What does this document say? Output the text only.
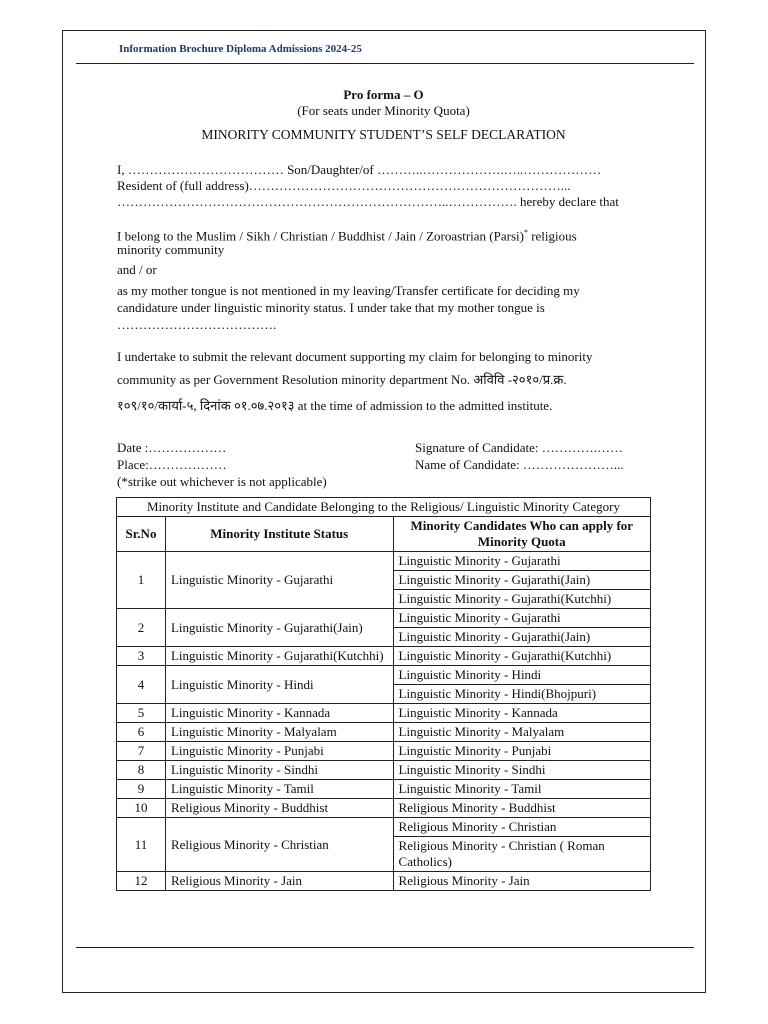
Information Brochure Diploma Admissions 2024-25
Pro forma – O
(For seats under Minority Quota)
MINORITY COMMUNITY STUDENT’S SELF DECLARATION
I, ……………………………… Son/Daughter/of ………..……………….…..………………
Resident of (full address)………………………………………………………………...
…………………………………………………………………..……………. hereby declare that
I belong to the Muslim / Sikh / Christian / Buddhist / Jain / Zoroastrian (Parsi)* religious
minority community
and / or
as my mother tongue is not mentioned in my leaving/Transfer certificate for deciding my
candidature under linguistic minority status. I under take that my mother tongue is
……………………………….
I undertake to submit the relevant document supporting my claim for belonging to minority
community as per Government Resolution minority department No. अविवि -२०१०/प्र.क्र.
१०९/१०/कार्या-५, दिनांक ०१.०७.२०१३ at the time of admission to the admitted institute.
Date :………………
Place:………………
(*strike out whichever is not applicable)
Signature of Candidate: ………….……
Name of Candidate: …………………...
Minority Institute and Candidate Belonging to the Religious/ Linguistic Minority Category		
Sr.No	Minority Institute Status	Minority Candidates Who can apply for Minority Quota
1	Linguistic Minority - Gujarathi	Linguistic Minority - Gujarathi
		Linguistic Minority - Gujarathi(Jain)
		Linguistic Minority - Gujarathi(Kutchhi)
2	Linguistic Minority - Gujarathi(Jain)	Linguistic Minority - Gujarathi
		Linguistic Minority - Gujarathi(Jain)
3	Linguistic Minority - Gujarathi(Kutchhi)	Linguistic Minority - Gujarathi(Kutchhi)
4	Linguistic Minority - Hindi	Linguistic Minority - Hindi
		Linguistic Minority - Hindi(Bhojpuri)
5	Linguistic Minority - Kannada	Linguistic Minority - Kannada
6	Linguistic Minority - Malyalam	Linguistic Minority - Malyalam
7	Linguistic Minority - Punjabi	Linguistic Minority - Punjabi
8	Linguistic Minority - Sindhi	Linguistic Minority - Sindhi
9	Linguistic Minority - Tamil	Linguistic Minority - Tamil
10	Religious Minority - Buddhist	Religious Minority - Buddhist
11	Religious Minority - Christian	Religious Minority - Christian
		Religious Minority - Christian ( Roman Catholics)
12	Religious Minority - Jain	Religious Minority - Jain
